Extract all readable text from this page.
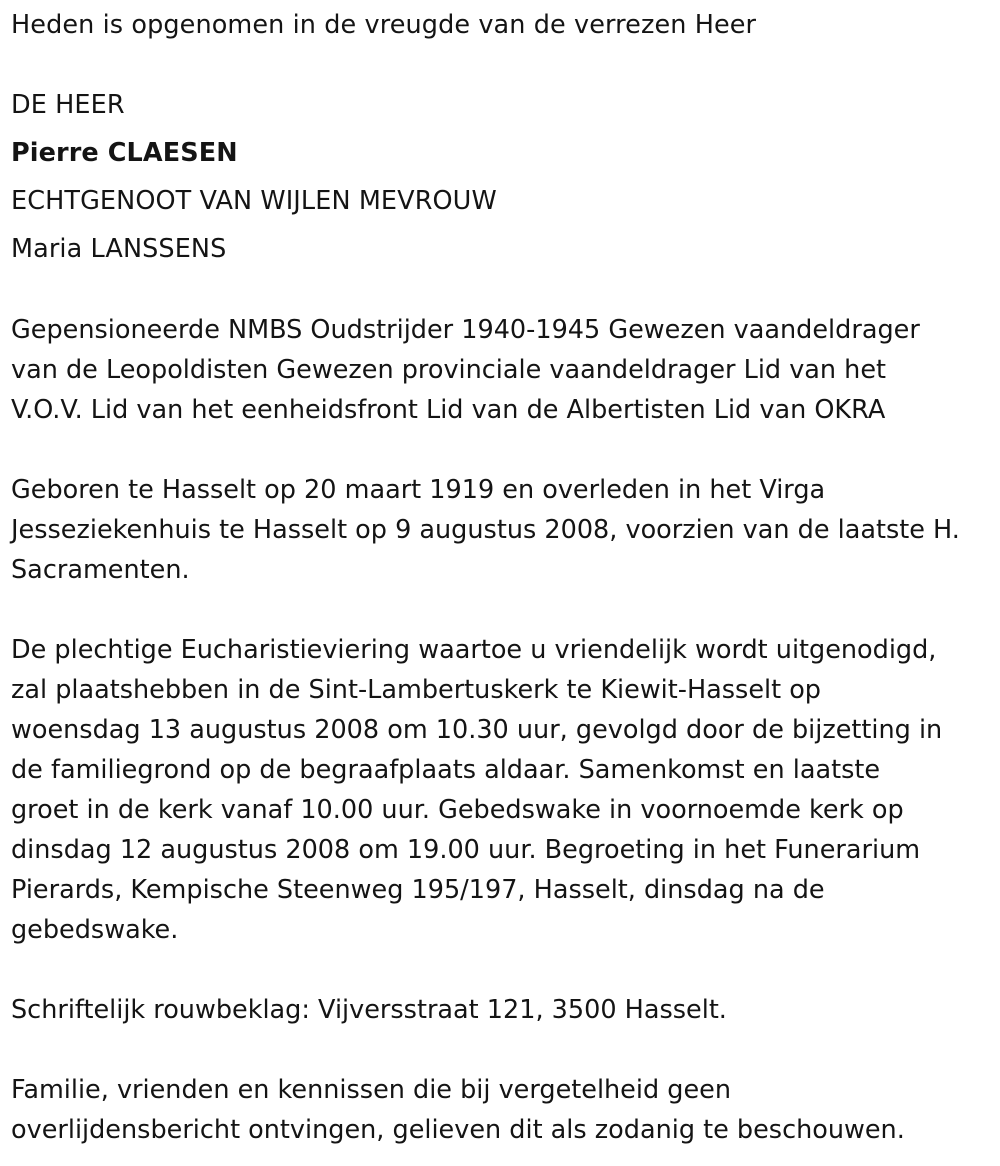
Heden is opgenomen in de vreugde van de verrezen Heer
DE HEER
Pierre CLAESEN
ECHTGENOOT VAN WIJLEN MEVROUW
Maria LANSSENS
Gepensioneerde NMBS Oudstrijder 1940-1945 Gewezen vaandeldrager
van de Leopoldisten Gewezen provinciale vaandeldrager Lid van het
V.O.V. Lid van het eenheidsfront Lid van de Albertisten Lid van OKRA
Geboren te Hasselt op 20 maart 1919 en overleden in het Virga
Jesseziekenhuis te Hasselt op 9 augustus 2008, voorzien van de laatste H.
Sacramenten.
De plechtige Eucharistieviering waartoe u vriendelijk wordt uitgenodigd,
zal plaatshebben in de Sint-Lambertuskerk te Kiewit-Hasselt op
woensdag 13 augustus 2008 om 10.30 uur, gevolgd door de bijzetting in
de familiegrond op de begraafplaats aldaar. Samenkomst en laatste
groet in de kerk vanaf 10.00 uur. Gebedswake in voornoemde kerk op
dinsdag 12 augustus 2008 om 19.00 uur. Begroeting in het Funerarium
Pierards, Kempische Steenweg 195/197, Hasselt, dinsdag na de
gebedswake.
Schriftelijk rouwbeklag: Vijversstraat 121, 3500 Hasselt.
Familie, vrienden en kennissen die bij vergetelheid geen
overlijdensbericht ontvingen, gelieven dit als zodanig te beschouwen.
